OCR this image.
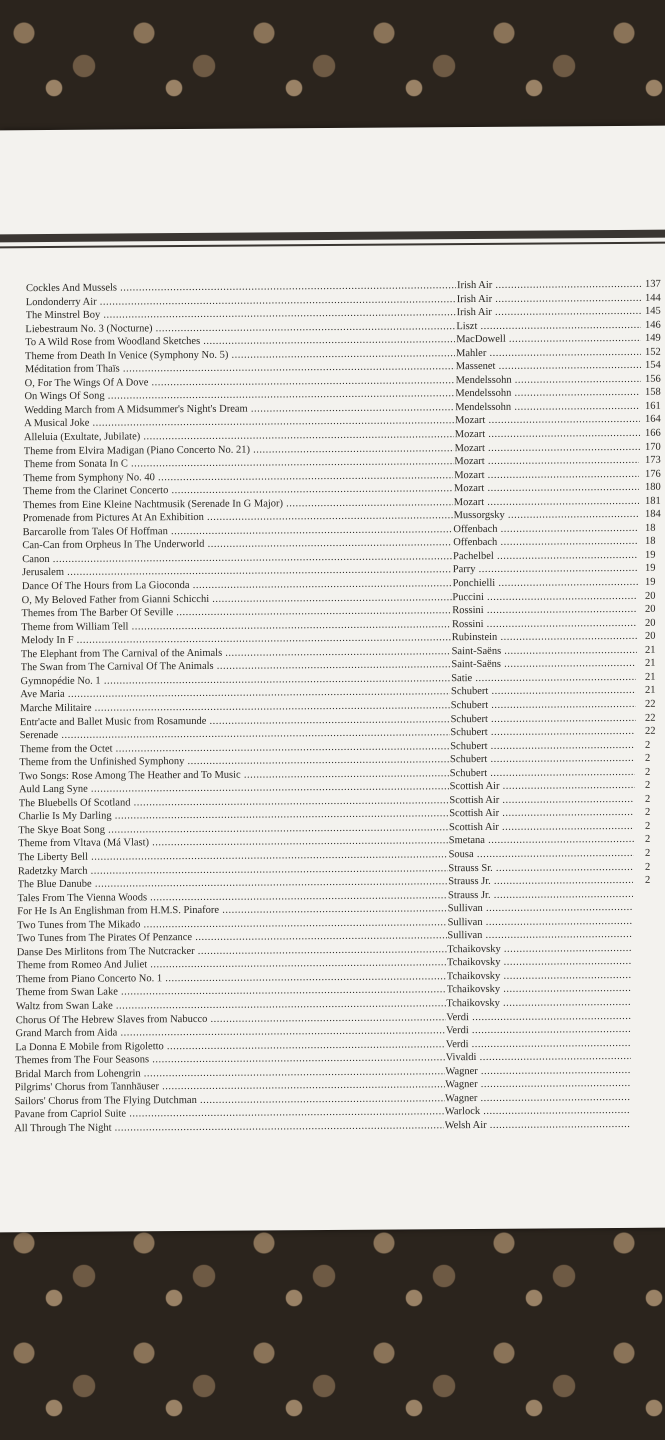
Cockles And Mussels .....	Irish Air .....	137
Londonderry Air .....	Irish Air .....	144
The Minstrel Boy .....	Irish Air .....	145
Liebestraum No. 3 (Nocturne) .....	Liszt .....	146
To A Wild Rose from Woodland Sketches .....	MacDowell .....	149
Theme from Death In Venice (Symphony No. 5) .....	Mahler .....	152
Méditation from Thaïs .....	Massenet .....	154
O, For The Wings Of A Dove .....	Mendelssohn .....	156
On Wings Of Song .....	Mendelssohn .....	158
Wedding March from A Midsummer's Night's Dream .....	Mendelssohn .....	161
A Musical Joke .....	Mozart .....	164
Alleluia (Exultate, Jubilate) .....	Mozart .....	166
Theme from Elvira Madigan (Piano Concerto No. 21) .....	Mozart .....	170
Theme from Sonata In C .....	Mozart .....	173
Theme from Symphony No. 40 .....	Mozart .....	176
Theme from the Clarinet Concerto .....	Mozart .....	180
Themes from Eine Kleine Nachtmusik (Serenade In G Major) .....	Mozart .....	181
Promenade from Pictures At An Exhibition .....	Mussorgsky .....	184
Barcarolle from Tales Of Hoffman .....	Offenbach .....	18
Can-Can from Orpheus In The Underworld .....	Offenbach .....	18
Canon .....	Pachelbel .....	19
Jerusalem .....	Parry .....	19
Dance Of The Hours from La Gioconda .....	Ponchielli .....	19
O, My Beloved Father from Gianni Schicchi .....	Puccini .....	20
Themes from The Barber Of Seville .....	Rossini .....	20
Theme from William Tell .....	Rossini .....	20
Melody In F .....	Rubinstein .....	20
The Elephant from The Carnival of the Animals .....	Saint-Saëns .....	21
The Swan from The Carnival Of The Animals .....	Saint-Saëns .....	21
Gymnopédie No. 1 .....	Satie .....	21
Ave Maria .....	Schubert .....	21
Marche Militaire .....	Schubert .....	22
Entr'acte and Ballet Music from Rosamunde .....	Schubert .....	22
Serenade .....	Schubert .....	22
Theme from the Octet .....	Schubert .....	2
Theme from the Unfinished Symphony .....	Schubert .....	2
Two Songs: Rose Among The Heather and To Music .....	Schubert .....	2
Auld Lang Syne .....	Scottish Air .....	2
The Bluebells Of Scotland .....	Scottish Air .....	2
Charlie Is My Darling .....	Scottish Air .....	2
The Skye Boat Song .....	Scottish Air .....	2
Theme from Vltava (Má Vlast) .....	Smetana .....	2
The Liberty Bell .....	Sousa .....	2
Radetzky March .....	Strauss Sr. .....	2
The Blue Danube .....	Strauss Jr. .....	2
Tales From The Vienna Woods .....	Strauss Jr. .....
For He Is An Englishman from H.M.S. Pinafore .....	Sullivan .....
Two Tunes from The Mikado .....	Sullivan .....
Two Tunes from The Pirates Of Penzance .....	Sullivan .....
Danse Des Mirlitons from The Nutcracker .....	Tchaikovsky .....
Theme from Romeo And Juliet .....	Tchaikovsky .....
Theme from Piano Concerto No. 1 .....	Tchaikovsky .....
Theme from Swan Lake .....	Tchaikovsky .....
Waltz from Swan Lake .....	Tchaikovsky .....
Chorus Of The Hebrew Slaves from Nabucco .....	Verdi .....
Grand March from Aida .....	Verdi .....
La Donna É Mobile from Rigoletto .....	Verdi .....
Themes from The Four Seasons .....	Vivaldi .....
Bridal March from Lohengrin .....	Wagner .....
Pilgrims' Chorus from Tannhäuser .....	Wagner .....
Sailors' Chorus from The Flying Dutchman .....	Wagner .....
Pavane from Capriol Suite .....	Warlock .....
All Through The Night .....	Welsh Air .....
